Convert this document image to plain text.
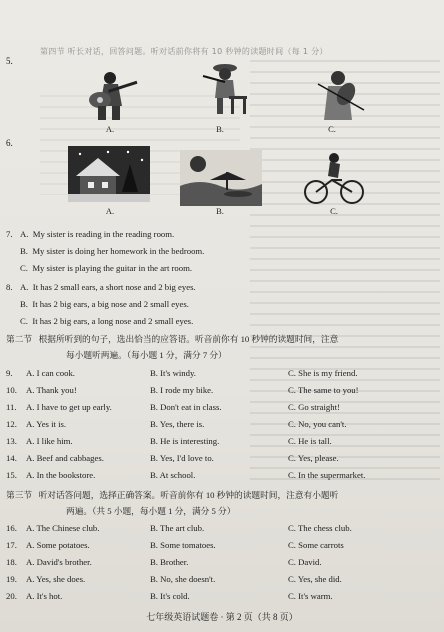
第四节 听长对话，回答问题。听对话前你将有 10 秒钟的读题时间（每 1 分）
5.
A.	B.	C.
6.
A.	B.	C.
7. A. My sister is reading in the reading room.
B. My sister is doing her homework in the bedroom.
C. My sister is playing the guitar in the art room.
8. A. It has 2 small ears, a short nose and 2 big eyes.
B. It has 2 big ears, a big nose and 2 small eyes.
C. It has 2 big ears, a long nose and 2 small eyes.
第二节 根据所听到的句子，选出恰当的应答语。听音前你有 10 秒钟的读题时间，注意
每小题听两遍。（每小题 1 分，满分 7 分）
9. A. I can cook.	B. It's windy.	C. She is my friend.
10. A. Thank you!	B. I rode my bike.	C. The same to you!
11. A. I have to get up early.	B. Don't eat in class.	C. Go straight!
12. A. Yes it is.	B. Yes, there is.	C. No, you can't.
13. A. I like him.	B. He is interesting.	C. He is tall.
14. A. Beef and cabbages.	B. Yes, I'd love to.	C. Yes, please.
15. A. In the bookstore.	B. At school.	C. In the supermarket.
第三节 听对话答问题，选择正确答案。听音前你有 10 秒钟的读题时间，注意有小题听
两遍。（共 5 小题，每小题 1 分，满分 5 分）
16. A. The Chinese club.	B. The art club.	C. The chess club.
17. A. Some potatoes.	B. Some tomatoes.	C. Some carrots
18. A. David's brother.	B. Brother.	C. David.
19. A. Yes, she does.	B. No, she doesn't.	C. Yes, she did.
20. A. It's hot.	B. It's cold.	C. It's warm.
七年级英语试题卷 · 第 2 页（共 8 页）
